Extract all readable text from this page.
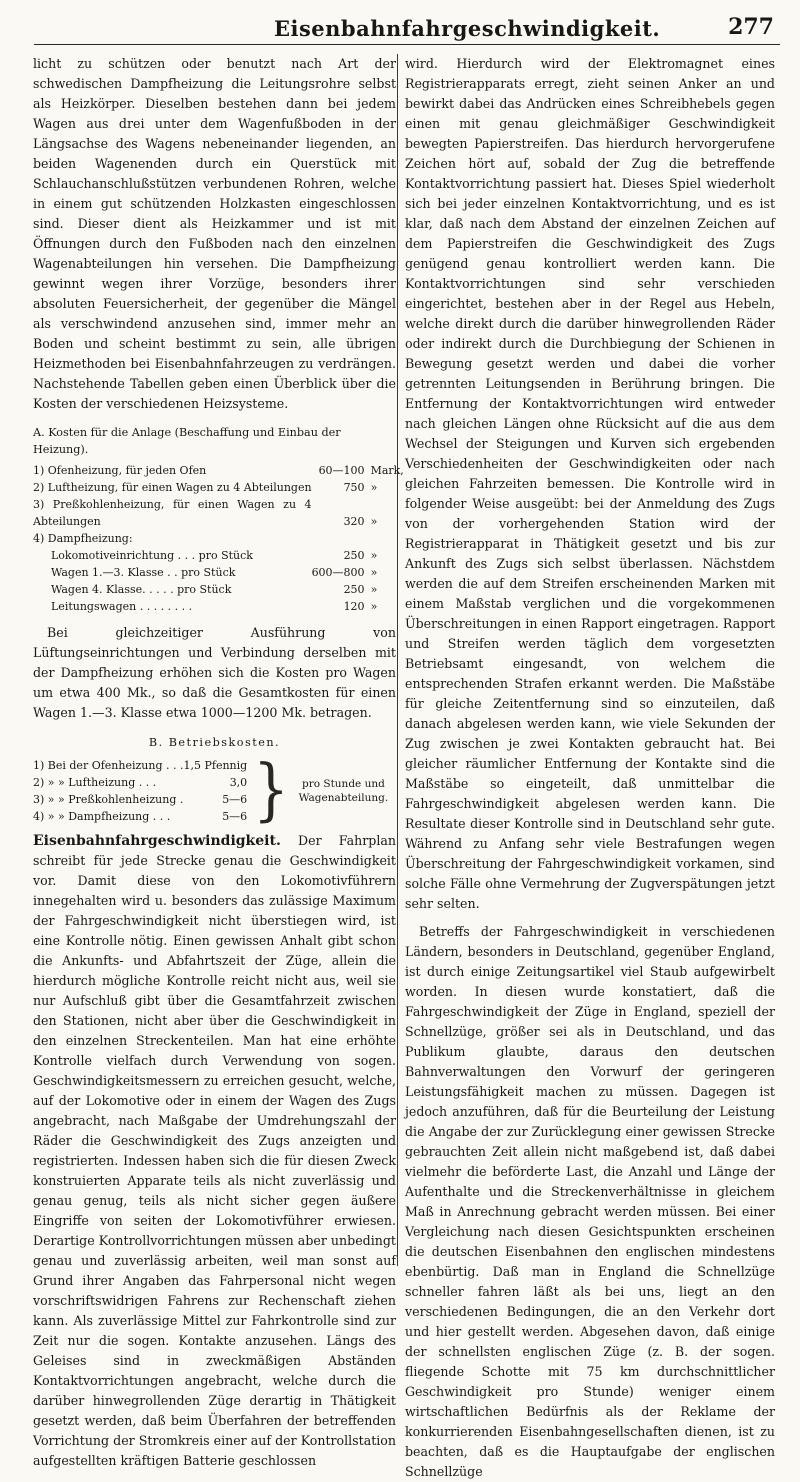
Eisenbahnfahrgeschwindigkeit.	277

licht zu schützen oder benutzt nach Art der schwedischen Dampfheizung die Leitungsrohre selbst als Heizkörper. Dieselben bestehen dann bei jedem Wagen aus drei unter dem Wagenfußboden in der Längsachse des Wagens nebeneinander liegenden, an beiden Wagenenden durch ein Querstück mit Schlauchanschlußstützen verbundenen Rohren, welche in einem gut schützenden Holzkasten eingeschlossen sind. Dieser dient als Heizkammer und ist mit Öffnungen durch den Fußboden nach den einzelnen Wagenabteilungen hin versehen. Die Dampfheizung gewinnt wegen ihrer Vorzüge, besonders ihrer absoluten Feuersicherheit, der gegenüber die Mängel als verschwindend anzusehen sind, immer mehr an Boden und scheint bestimmt zu sein, alle übrigen Heizmethoden bei Eisenbahnfahrzeugen zu verdrängen. Nachstehende Tabellen geben einen Überblick über die Kosten der verschiedenen Heizsysteme.

A. Kosten für die Anlage (Beschaffung und Einbau der Heizung).
1) Ofenheizung, für jeden Ofen	60—100	Mark,
2) Luftheizung, für einen Wagen zu 4 Abteilungen	750	»
3) Preßkohlenheizung, für einen Wagen zu 4 Abteilungen	320	»
4) Dampfheizung:		
Lokomotiveinrichtung . . . pro Stück	250	»
Wagen 1.—3. Klasse . . pro Stück	600—800	»
Wagen 4. Klasse. . . . . pro Stück	250	»
Leitungswagen . . . . . . . .	120	»

Bei gleichzeitiger Ausführung von Lüftungseinrichtungen und Verbindung derselben mit der Dampfheizung erhöhen sich die Kosten pro Wagen um etwa 400 Mk., so daß die Gesamtkosten für einen Wagen 1.—3. Klasse etwa 1000—1200 Mk. betragen.

B. Betriebskosten.
1) Bei der Ofenheizung . . .	1,5 Pfennig
2) » » Luftheizung . . .	3,0
3) » » Preßkohlenheizung .	5—6
4) » » Dampfheizung . . .	5—6 }	pro Stunde und Wagenabteilung.

Eisenbahnfahrgeschwindigkeit. Der Fahrplan schreibt für jede Strecke genau die Geschwindigkeit vor. Damit diese von den Lokomotivführern innegehalten wird u. besonders das zulässige Maximum der Fahrgeschwindigkeit nicht überstiegen wird, ist eine Kontrolle nötig. Einen gewissen Anhalt gibt schon die Ankunfts- und Abfahrtszeit der Züge, allein die hierdurch mögliche Kontrolle reicht nicht aus, weil sie nur Aufschluß gibt über die Gesamtfahrzeit zwischen den Stationen, nicht aber über die Geschwindigkeit in den einzelnen Streckenteilen. Man hat eine erhöhte Kontrolle vielfach durch Verwendung von sogen. Geschwindigkeitsmessern zu erreichen gesucht, welche, auf der Lokomotive oder in einem der Wagen des Zugs angebracht, nach Maßgabe der Umdrehungszahl der Räder die Geschwindigkeit des Zugs anzeigten und registrierten. Indessen haben sich die für diesen Zweck konstruierten Apparate teils als nicht zuverlässig und genau genug, teils als nicht sicher gegen äußere Eingriffe von seiten der Lokomotivführer erwiesen. Derartige Kontrollvorrichtungen müssen aber unbedingt genau und zuverlässig arbeiten, weil man sonst auf Grund ihrer Angaben das Fahrpersonal nicht wegen vorschriftswidrigen Fahrens zur Rechenschaft ziehen kann. Als zuverlässige Mittel zur Fahrkontrolle sind zur Zeit nur die sogen. Kontakte anzusehen. Längs des Geleises sind in zweckmäßigen Abständen Kontaktvorrichtungen angebracht, welche durch die darüber hinwegrollenden Züge derartig in Thätigkeit gesetzt werden, daß beim Überfahren der betreffenden Vorrichtung der Stromkreis einer auf der Kontrollstation aufgestellten kräftigen Batterie geschlossen

wird. Hierdurch wird der Elektromagnet eines Registrierapparats erregt, zieht seinen Anker an und bewirkt dabei das Andrücken eines Schreibhebels gegen einen mit genau gleichmäßiger Geschwindigkeit bewegten Papierstreifen. Das hierdurch hervorgerufene Zeichen hört auf, sobald der Zug die betreffende Kontaktvorrichtung passiert hat. Dieses Spiel wiederholt sich bei jeder einzelnen Kontaktvorrichtung, und es ist klar, daß nach dem Abstand der einzelnen Zeichen auf dem Papierstreifen die Geschwindigkeit des Zugs genügend genau kontrolliert werden kann. Die Kontaktvorrichtungen sind sehr verschieden eingerichtet, bestehen aber in der Regel aus Hebeln, welche direkt durch die darüber hinwegrollenden Räder oder indirekt durch die Durchbiegung der Schienen in Bewegung gesetzt werden und dabei die vorher getrennten Leitungsenden in Berührung bringen. Die Entfernung der Kontaktvorrichtungen wird entweder nach gleichen Längen ohne Rücksicht auf die aus dem Wechsel der Steigungen und Kurven sich ergebenden Verschiedenheiten der Geschwindigkeiten oder nach gleichen Fahrzeiten bemessen. Die Kontrolle wird in folgender Weise ausgeübt: bei der Anmeldung des Zugs von der vorhergehenden Station wird der Registrierapparat in Thätigkeit gesetzt und bis zur Ankunft des Zugs sich selbst überlassen. Nächstdem werden die auf dem Streifen erscheinenden Marken mit einem Maßstab verglichen und die vorgekommenen Überschreitungen in einen Rapport eingetragen. Rapport und Streifen werden täglich dem vorgesetzten Betriebsamt eingesandt, von welchem die entsprechenden Strafen erkannt werden. Die Maßstäbe für gleiche Zeitentfernung sind so einzuteilen, daß danach abgelesen werden kann, wie viele Sekunden der Zug zwischen je zwei Kontakten gebraucht hat. Bei gleicher räumlicher Entfernung der Kontakte sind die Maßstäbe so eingeteilt, daß unmittelbar die Fahrgeschwindigkeit abgelesen werden kann. Die Resultate dieser Kontrolle sind in Deutschland sehr gute. Während zu Anfang sehr viele Bestrafungen wegen Überschreitung der Fahrgeschwindigkeit vorkamen, sind solche Fälle ohne Vermehrung der Zugverspätungen jetzt sehr selten.

Betreffs der Fahrgeschwindigkeit in verschiedenen Ländern, besonders in Deutschland, gegenüber England, ist durch einige Zeitungsartikel viel Staub aufgewirbelt worden. In diesen wurde konstatiert, daß die Fahrgeschwindigkeit der Züge in England, speziell der Schnellzüge, größer sei als in Deutschland, und das Publikum glaubte, daraus den deutschen Bahnverwaltungen den Vorwurf der geringeren Leistungsfähigkeit machen zu müssen. Dagegen ist jedoch anzuführen, daß für die Beurteilung der Leistung die Angabe der zur Zurücklegung einer gewissen Strecke gebrauchten Zeit allein nicht maßgebend ist, daß dabei vielmehr die beförderte Last, die Anzahl und Länge der Aufenthalte und die Streckenverhältnisse in gleichem Maß in Anrechnung gebracht werden müssen. Bei einer Vergleichung nach diesen Gesichtspunkten erscheinen die deutschen Eisenbahnen den englischen mindestens ebenbürtig. Daß man in England die Schnellzüge schneller fahren läßt als bei uns, liegt an den verschiedenen Bedingungen, die an den Verkehr dort und hier gestellt werden. Abgesehen davon, daß einige der schnellsten englischen Züge (z. B. der sogen. fliegende Schotte mit 75 km durchschnittlicher Geschwindigkeit pro Stunde) weniger einem wirtschaftlichen Bedürfnis als der Reklame der konkurrierenden Eisenbahngesellschaften dienen, ist zu beachten, daß es die Hauptaufgabe der englischen Schnellzüge
